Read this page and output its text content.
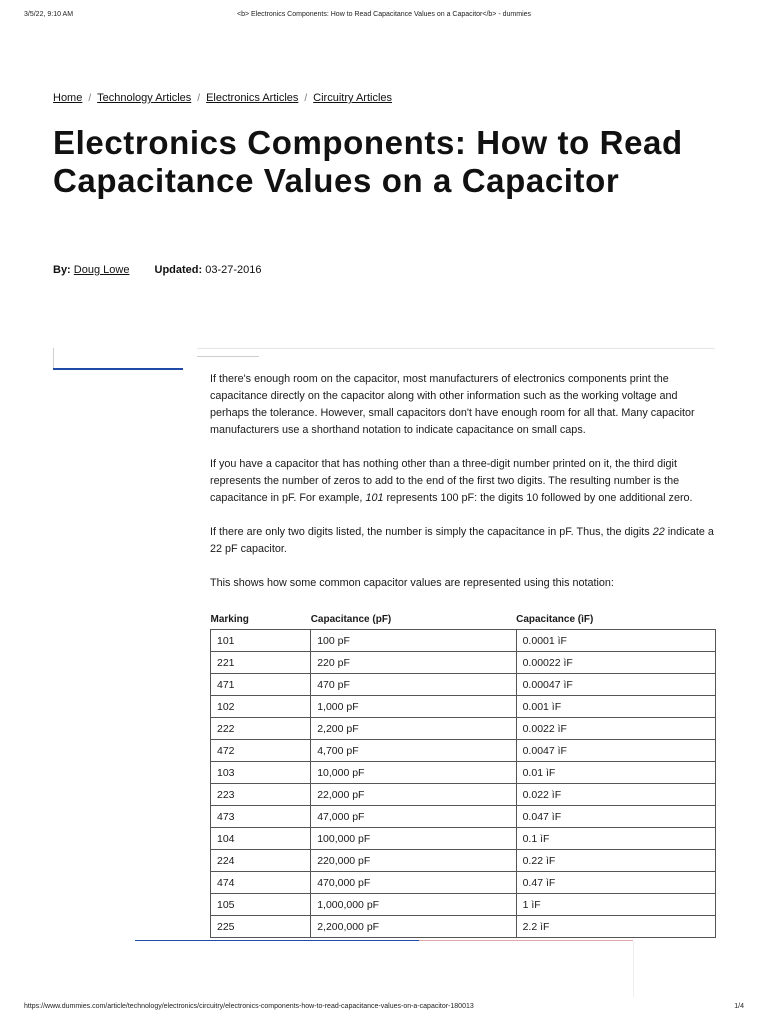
3/5/22, 9:10 AM	<b> Electronics Components: How to Read Capacitance Values on a Capacitor</b> - dummies
Home / Technology Articles / Electronics Articles / Circuitry Articles
Electronics Components: How to Read Capacitance Values on a Capacitor
By: Doug Lowe Updated: 03-27-2016

If there's enough room on the capacitor, most manufacturers of electronics components print the capacitance directly on the capacitor along with other information such as the working voltage and perhaps the tolerance. However, small capacitors don't have enough room for all that. Many capacitor manufacturers use a shorthand notation to indicate capacitance on small caps.

If you have a capacitor that has nothing other than a three-digit number printed on it, the third digit represents the number of zeros to add to the end of the first two digits. The resulting number is the capacitance in pF. For example, 101 represents 100 pF: the digits 10 followed by one additional zero.

If there are only two digits listed, the number is simply the capacitance in pF. Thus, the digits 22 indicate a 22 pF capacitor.

This shows how some common capacitor values are represented using this notation:

Marking	Capacitance (pF)	Capacitance (ìF)
101	100 pF	0.0001 ìF
221	220 pF	0.00022 ìF
471	470 pF	0.00047 ìF
102	1,000 pF	0.001 ìF
222	2,200 pF	0.0022 ìF
472	4,700 pF	0.0047 ìF
103	10,000 pF	0.01 ìF
223	22,000 pF	0.022 ìF
473	47,000 pF	0.047 ìF
104	100,000 pF	0.1 ìF
224	220,000 pF	0.22 ìF
474	470,000 pF	0.47 ìF
105	1,000,000 pF	1 ìF
225	2,200,000 pF	2.2 ìF
https://www.dummies.com/article/technology/electronics/circuitry/electronics-components-how-to-read-capacitance-values-on-a-capacitor-180013	1/4
